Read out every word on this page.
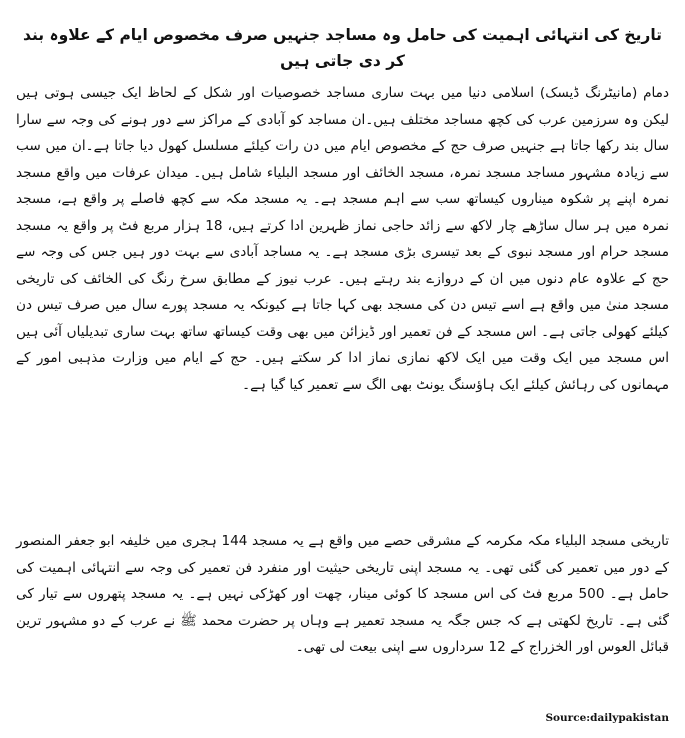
تاریخ کی انتہائی اہمیت کی حامل وہ مساجد جنہیں صرف مخصوص ایام کے علاوہ بند کر دی جاتی ہیں

دمام (مانیٹرنگ ڈیسک) اسلامی دنیا میں بہت ساری مساجد خصوصیات اور شکل کے لحاظ ایک جیسی ہوتی ہیں لیکن وہ سرزمین عرب کی کچھ مساجد مختلف ہیں۔ان مساجد کو آبادی کے مراکز سے دور ہونے کی وجہ سے سارا سال بند رکھا جاتا ہے جنہیں صرف حج کے مخصوص ایام میں دن رات کیلئے مسلسل کھول دیا جاتا ہے۔ان میں سب سے زیادہ مشہور مساجد مسجد نمرہ، مسجد الخائف اور مسجد البلیاء شامل ہیں۔ میدان عرفات میں واقع مسجد نمرہ اپنے پر شکوہ میناروں کیساتھ سب سے اہم مسجد ہے۔ یہ مسجد مکہ سے کچھ فاصلے پر واقع ہے، مسجد نمرہ میں ہر سال ساڑھے چار لاکھ سے زائد حاجی نماز ظہرین ادا کرتے ہیں، 18 ہزار مربع فٹ پر واقع یہ مسجد مسجد حرام اور مسجد نبوی کے بعد تیسری بڑی مسجد ہے۔ یہ مساجد آبادی سے بہت دور ہیں جس کی وجہ سے حج کے علاوہ عام دنوں میں ان کے دروازے بند رہتے ہیں۔ عرب نیوز کے مطابق سرخ رنگ کی الخائف کی تاریخی مسجد منیٰ میں واقع ہے اسے تیس دن کی مسجد بھی کہا جاتا ہے کیونکہ یہ مسجد پورے سال میں صرف تیس دن کیلئے کھولی جاتی ہے۔ اس مسجد کے فن تعمیر اور ڈیزائن میں بھی وقت کیساتھ ساتھ بہت ساری تبدیلیاں آئی ہیں اس مسجد میں ایک وقت میں ایک لاکھ نمازی نماز ادا کر سکتے ہیں۔ حج کے ایام میں وزارت مذہبی امور کے مہمانوں کی رہائش کیلئے ایک ہاؤسنگ یونٹ بھی الگ سے تعمیر کیا گیا ہے۔

تاریخی مسجد البلیاء مکہ مکرمہ کے مشرقی حصے میں واقع ہے یہ مسجد 144 ہجری میں خلیفہ ابو جعفر المنصور کے دور میں تعمیر کی گئی تھی۔ یہ مسجد اپنی تاریخی حیثیت اور منفرد فن تعمیر کی وجہ سے انتہائی اہمیت کی حامل ہے۔ 500 مربع فٹ کی اس مسجد کا کوئی مینار، چھت اور کھڑکی نہیں ہے۔ یہ مسجد پتھروں سے تیار کی گئی ہے۔ تاریخ لکھتی ہے کہ جس جگہ یہ مسجد تعمیر ہے وہاں پر حضرت محمد ﷺ نے عرب کے دو مشہور ترین قبائل العوس اور الخزراج کے 12 سرداروں سے اپنی بیعت لی تھی۔

Source:dailypakistan
